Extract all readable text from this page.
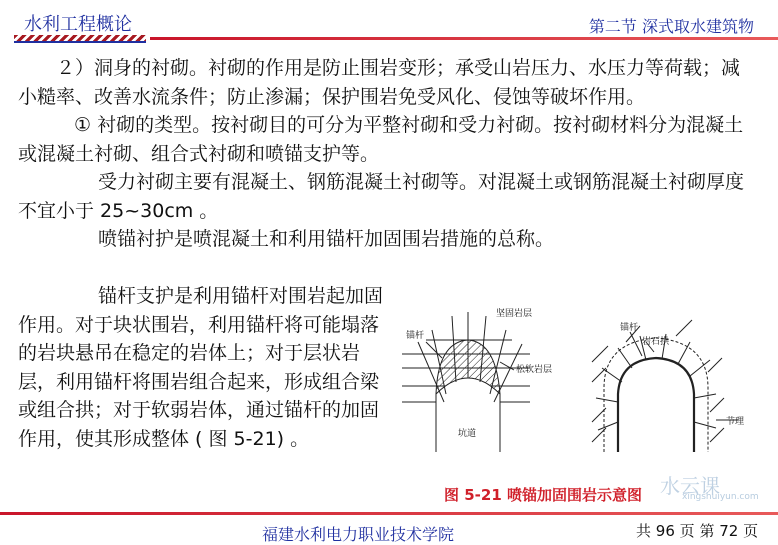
水利工程概论	第二节 深式取水建筑物

２）洞身的衬砌。衬砌的作用是防止围岩变形；承受山岩压力、水压力等荷载；减小糙率、改善水流条件；防止渗漏；保护围岩免受风化、侵蚀等破坏作用。

① 衬砌的类型。按衬砌目的可分为平整衬砌和受力衬砌。按衬砌材料分为混凝土或混凝土衬砌、组合式衬砌和喷锚支护等。

受力衬砌主要有混凝土、钢筋混凝土衬砌等。对混凝土或钢筋混凝土衬砌厚度不宜小于 25~30cm 。

喷锚衬护是喷混凝土和利用锚杆加固围岩措施的总称。

锚杆支护是利用锚杆对围岩起加固作用。对于块状围岩，利用锚杆将可能塌落的岩块悬吊在稳定的岩体上；对于层状岩层，利用锚杆将围岩组合起来，形成组合梁或组合拱；对于软弱岩体，通过锚杆的加固作用，使其形成整体 ( 图 5-21) 。

坚固岩层
锚杆
松软岩层
坑道
锚杆
岩石拱
节理
图 5-21 喷锚加固围岩示意图 水云课
xingshuiyun.com
福建水利电力职业技术学院	共 96 页 第 72 页
